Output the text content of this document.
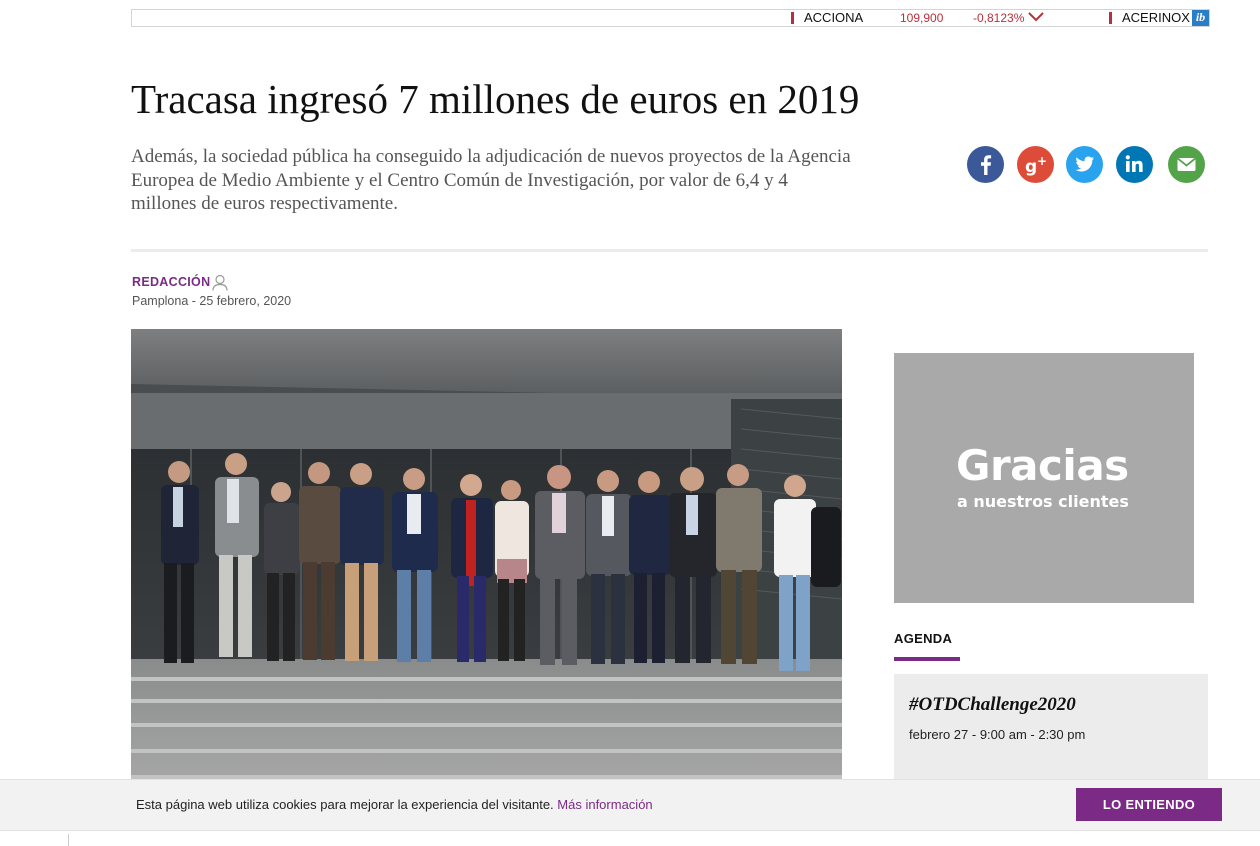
ACCIONA	109,900 -0,8123%	ACERINOX ib
Tracasa ingresó 7 millones de euros en 2019

Además, la sociedad pública ha conseguido la adjudicación de nuevos proyectos de la Agencia Europea de Medio Ambiente y el Centro Común de Investigación, por valor de 6,4 y 4 millones de euros respectivamente.

g +
REDACCIÓN
Pamplona - 25 febrero, 2020
Gracias
a nuestros clientes
AGENDA
#OTDChallenge2020
febrero 27 - 9:00 am - 2:30 pm
Esta página web utiliza cookies para mejorar la experiencia del visitante. Más información	LO ENTIENDO
